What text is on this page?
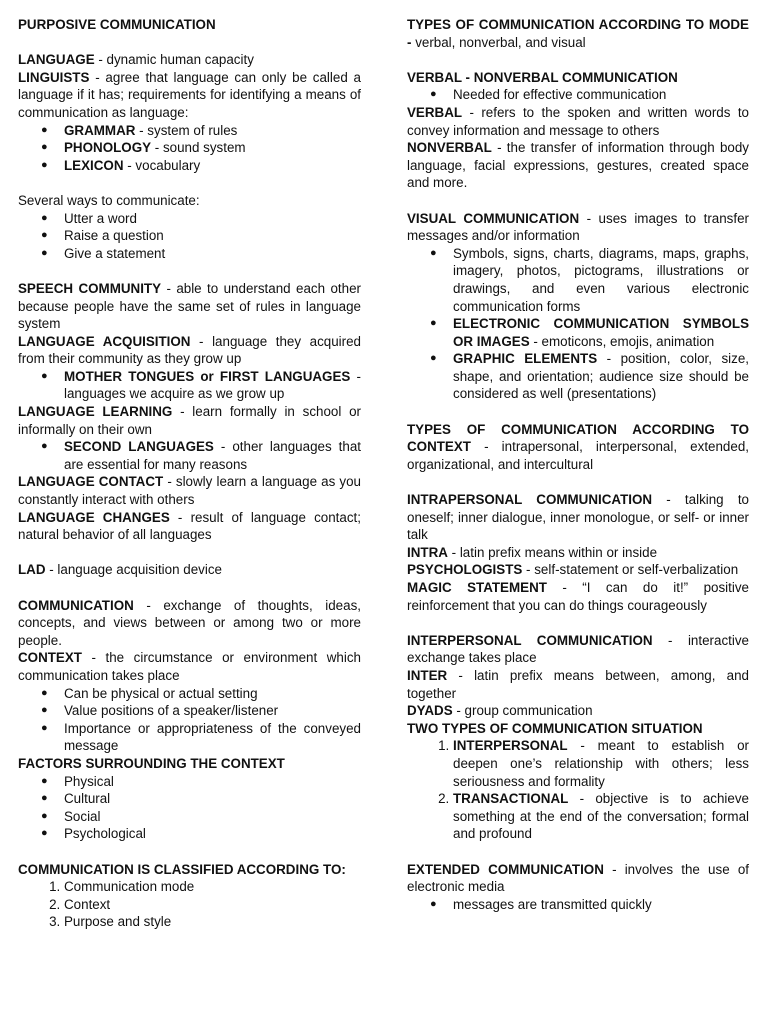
PURPOSIVE COMMUNICATION

LANGUAGE - dynamic human capacity

LINGUISTS - agree that language can only be called a language if it has; requirements for identifying a means of communication as language:

● GRAMMAR - system of rules
● PHONOLOGY - sound system
● LEXICON - vocabulary

Several ways to communicate:

● Utter a word
● Raise a question
● Give a statement

SPEECH COMMUNITY - able to understand each other because people have the same set of rules in language system

LANGUAGE ACQUISITION - language they acquired from their community as they grow up

● MOTHER TONGUES or FIRST LANGUAGES - languages we acquire as we grow up

LANGUAGE LEARNING - learn formally in school or informally on their own

● SECOND LANGUAGES - other languages that are essential for many reasons

LANGUAGE CONTACT - slowly learn a language as you constantly interact with others

LANGUAGE CHANGES - result of language contact; natural behavior of all languages

LAD - language acquisition device

COMMUNICATION - exchange of thoughts, ideas, concepts, and views between or among two or more people.

CONTEXT - the circumstance or environment which communication takes place

● Can be physical or actual setting
● Value positions of a speaker/listener
● Importance or appropriateness of the conveyed message

FACTORS SURROUNDING THE CONTEXT

● Physical
● Cultural
● Social
● Psychological

COMMUNICATION IS CLASSIFIED ACCORDING TO:

1. Communication mode
2. Context
3. Purpose and style

TYPES OF COMMUNICATION ACCORDING TO MODE - verbal, nonverbal, and visual

VERBAL - NONVERBAL COMMUNICATION

● Needed for effective communication

VERBAL - refers to the spoken and written words to convey information and message to others

NONVERBAL - the transfer of information through body language, facial expressions, gestures, created space and more.

VISUAL COMMUNICATION - uses images to transfer messages and/or information

● Symbols, signs, charts, diagrams, maps, graphs, imagery, photos, pictograms, illustrations or drawings, and even various electronic communication forms
● ELECTRONIC COMMUNICATION SYMBOLS OR IMAGES - emoticons, emojis, animation
● GRAPHIC ELEMENTS - position, color, size, shape, and orientation; audience size should be considered as well (presentations)

TYPES OF COMMUNICATION ACCORDING TO CONTEXT - intrapersonal, interpersonal, extended, organizational, and intercultural

INTRAPERSONAL COMMUNICATION - talking to oneself; inner dialogue, inner monologue, or self- or inner talk

INTRA - latin prefix means within or inside

PSYCHOLOGISTS - self-statement or self-verbalization

MAGIC STATEMENT - “I can do it!” positive reinforcement that you can do things courageously

INTERPERSONAL COMMUNICATION - interactive exchange takes place

INTER - latin prefix means between, among, and together

DYADS - group communication

TWO TYPES OF COMMUNICATION SITUATION

1. INTERPERSONAL - meant to establish or deepen one’s relationship with others; less seriousness and formality
2. TRANSACTIONAL - objective is to achieve something at the end of the conversation; formal and profound

EXTENDED COMMUNICATION - involves the use of electronic media

● messages are transmitted quickly
